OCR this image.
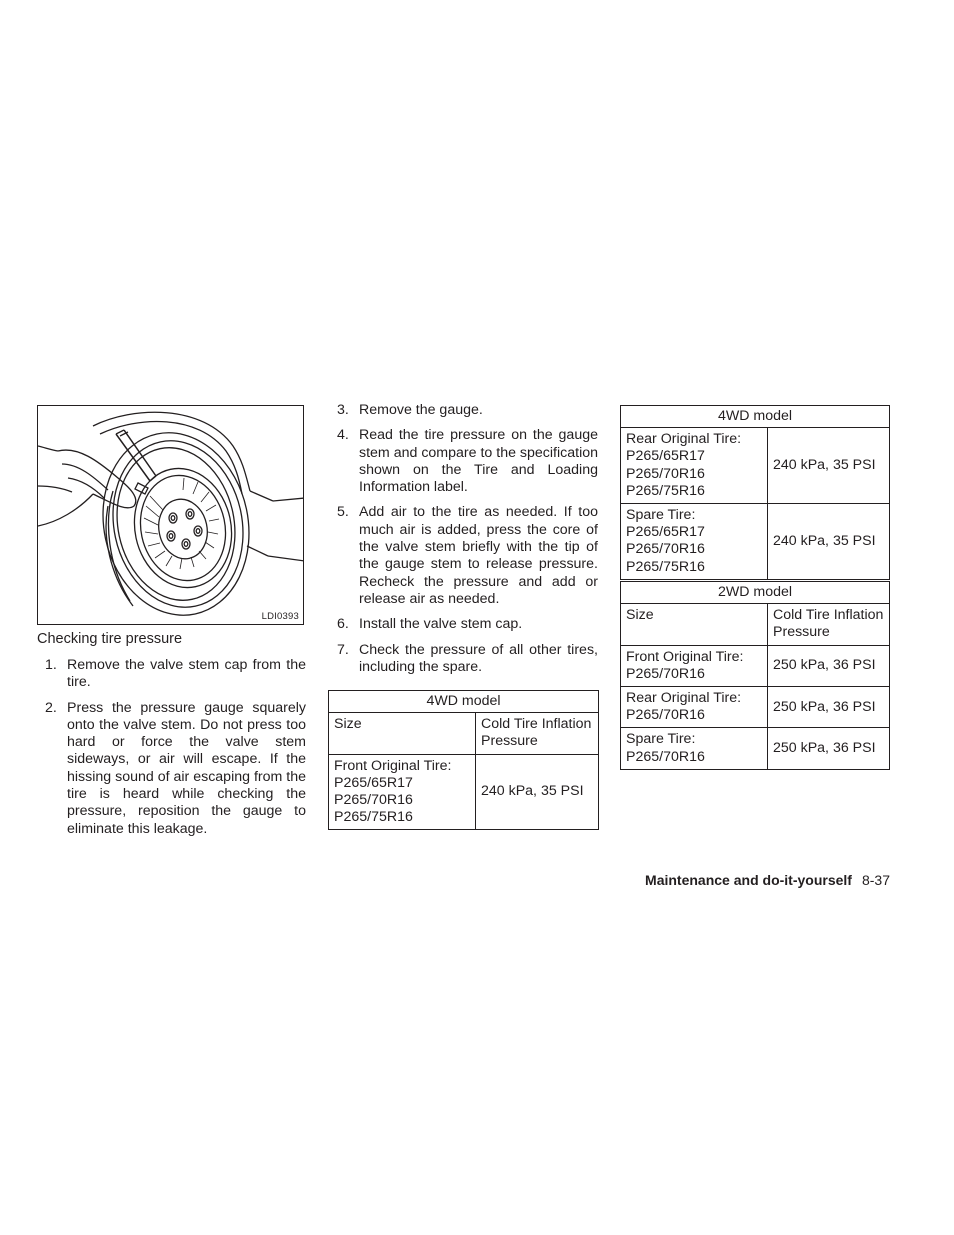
LDI0393
Checking tire pressure
1. Remove the valve stem cap from the tire.
2. Press the pressure gauge squarely onto the valve stem. Do not press too hard or force the valve stem sideways, or air will escape. If the hissing sound of air escaping from the tire is heard while checking the pressure, reposition the gauge to eliminate this leakage.
3. Remove the gauge.
4. Read the tire pressure on the gauge stem and compare to the specification shown on the Tire and Loading Information label.
5. Add air to the tire as needed. If too much air is added, press the core of the valve stem briefly with the tip of the gauge stem to release pressure. Recheck the pressure and add or release air as needed.
6. Install the valve stem cap.
7. Check the pressure of all other tires, including the spare.
4WD model	
Size	Cold Tire Inflation Pressure

Front Original Tire:
P265/65R17
P265/70R16
P265/75R16	240 kPa, 35 PSI
4WD model	

Rear Original Tire:
P265/65R17
P265/70R16
P265/75R16	240 kPa, 35 PSI

Spare Tire:
P265/65R17
P265/70R16
P265/75R16	240 kPa, 35 PSI
2WD model	
Size	Cold Tire Inflation Pressure

Front Original Tire:
P265/70R16	250 kPa, 36 PSI

Rear Original Tire:
P265/70R16	250 kPa, 36 PSI

Spare Tire:
P265/70R16	250 kPa, 36 PSI
Maintenance and do-it-yourself 8-37
